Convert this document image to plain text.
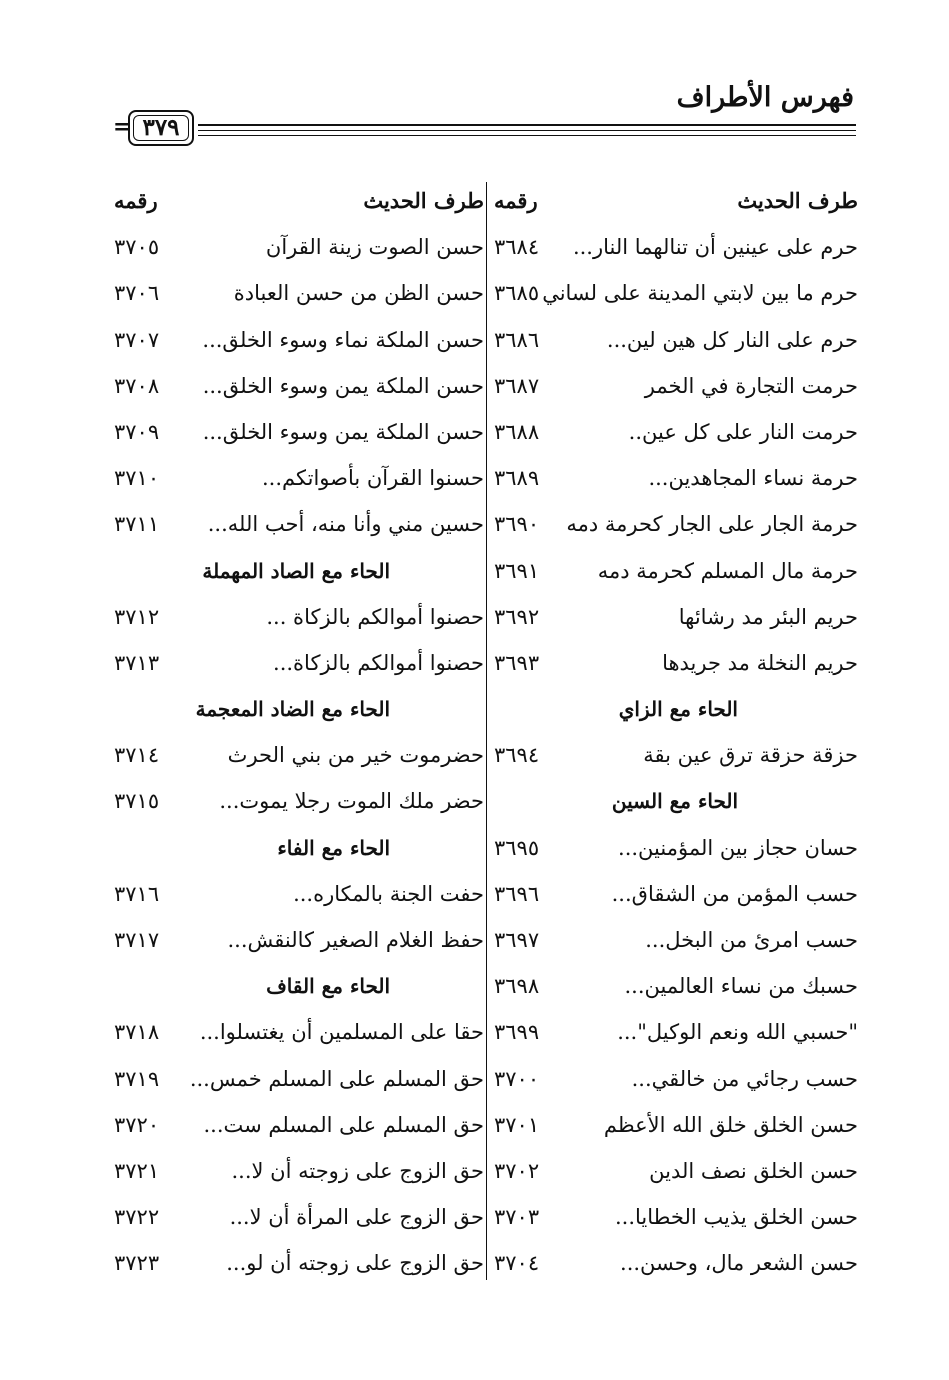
فهرس الأطراف
٣٧٩
=
طرف الحديث
رقمه
حرم على عينين أن تنالهما النار...
٣٦٨٤
حرم ما بين لابتي المدينة على لساني
٣٦٨٥
حرم على النار كل هين لين...
٣٦٨٦
حرمت التجارة في الخمر
٣٦٨٧
حرمت النار على كل عين..
٣٦٨٨
حرمة نساء المجاهدين...
٣٦٨٩
حرمة الجار على الجار كحرمة دمه
٣٦٩٠
حرمة مال المسلم كحرمة دمه
٣٦٩١
حريم البئر مد رشائها
٣٦٩٢
حريم النخلة مد جريدها
٣٦٩٣
الحاء مع الزاي
حزقة حزقة ترق عين بقة
٣٦٩٤
الحاء مع السين
حسان حجاز بين المؤمنين...
٣٦٩٥
حسب المؤمن من الشقاق...
٣٦٩٦
حسب امرئ من البخل...
٣٦٩٧
حسبك من نساء العالمين...
٣٦٩٨
"حسبي الله ونعم الوكيل"...
٣٦٩٩
حسب رجائي من خالقي...
٣٧٠٠
حسن الخلق خلق الله الأعظم
٣٧٠١
حسن الخلق نصف الدين
٣٧٠٢
حسن الخلق يذيب الخطايا...
٣٧٠٣
حسن الشعر مال، وحسن...
٣٧٠٤
طرف الحديث
رقمه
حسن الصوت زينة القرآن
٣٧٠٥
حسن الظن من حسن العبادة
٣٧٠٦
حسن الملكة نماء وسوء الخلق...
٣٧٠٧
حسن الملكة يمن وسوء الخلق...
٣٧٠٨
حسن الملكة يمن وسوء الخلق...
٣٧٠٩
حسنوا القرآن بأصواتكم...
٣٧١٠
حسين مني وأنا منه، أحب الله...
٣٧١١
الحاء مع الصاد المهملة
حصنوا أموالكم بالزكاة ...
٣٧١٢
حصنوا أموالكم بالزكاة...
٣٧١٣
الحاء مع الضاد المعجمة
حضرموت خير من بني الحرث
٣٧١٤
حضر ملك الموت رجلا يموت...
٣٧١٥
الحاء مع الفاء
حفت الجنة بالمكاره...
٣٧١٦
حفظ الغلام الصغير كالنقش...
٣٧١٧
الحاء مع القاف
حقا على المسلمين أن يغتسلوا...
٣٧١٨
حق المسلم على المسلم خمس...
٣٧١٩
حق المسلم على المسلم ست...
٣٧٢٠
حق الزوج على زوجته أن لا...
٣٧٢١
حق الزوج على المرأة أن لا...
٣٧٢٢
حق الزوج على زوجته أن لو...
٣٧٢٣
